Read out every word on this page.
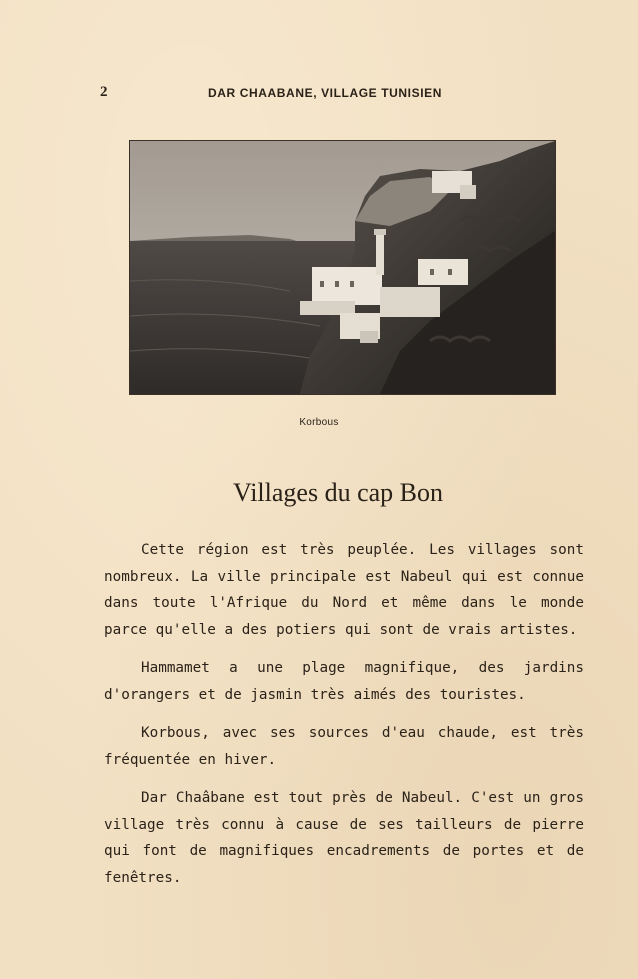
2	DAR CHAABANE, VILLAGE TUNISIEN
Korbous
Villages du cap Bon

Cette région est très peuplée. Les villages sont nombreux. La ville principale est Nabeul qui est connue dans toute l'Afrique du Nord et même dans le monde parce qu'elle a des potiers qui sont de vrais artistes.

Hammamet a une plage magnifique, des jardins d'orangers et de jasmin très aimés des touristes.

Korbous, avec ses sources d'eau chaude, est très fréquentée en hiver.

Dar Chaâbane est tout près de Nabeul. C'est un gros village très connu à cause de ses tailleurs de pierre qui font de magnifiques encadrements de portes et de fenêtres.
